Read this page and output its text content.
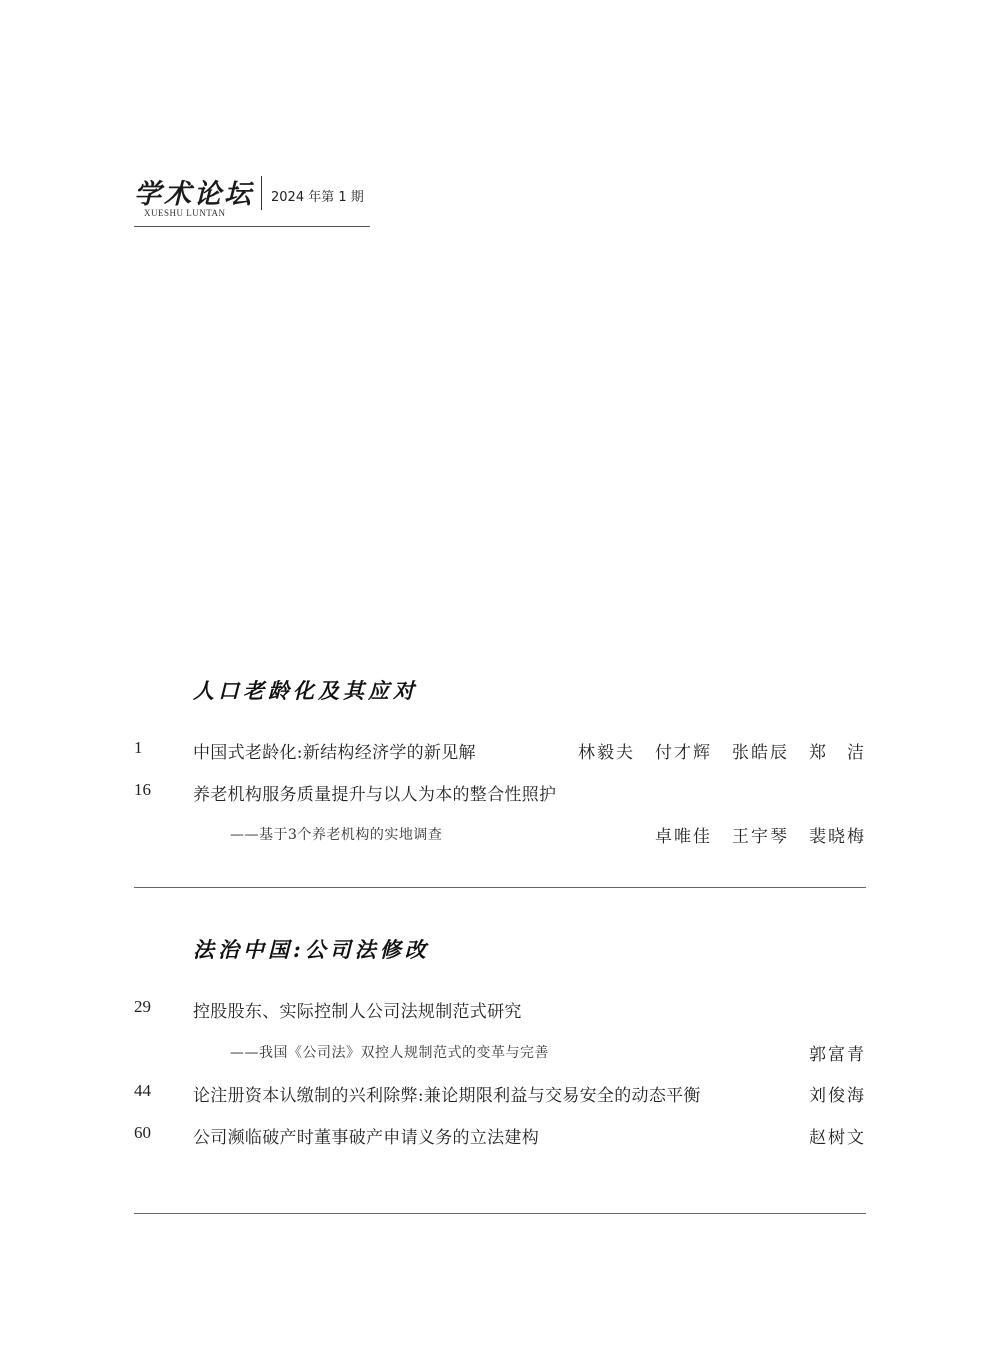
学术论坛
XUESHU LUNTAN
2024 年第 1 期
人口老龄化及其应对
1	中国式老龄化:新结构经济学的新见解	林毅夫 付才辉 张皓辰 郑　洁
16 养老机构服务质量提升与以人为本的整合性照护
——基于3个养老机构的实地调查	卓唯佳 王宇琴 裴晓梅
法治中国:公司法修改
29 控股股东、实际控制人公司法规制范式研究
——我国《公司法》双控人规制范式的变革与完善	郭富青
44 论注册资本认缴制的兴利除弊:兼论期限利益与交易安全的动态平衡	刘俊海
60 公司濒临破产时董事破产申请义务的立法建构	赵树文
